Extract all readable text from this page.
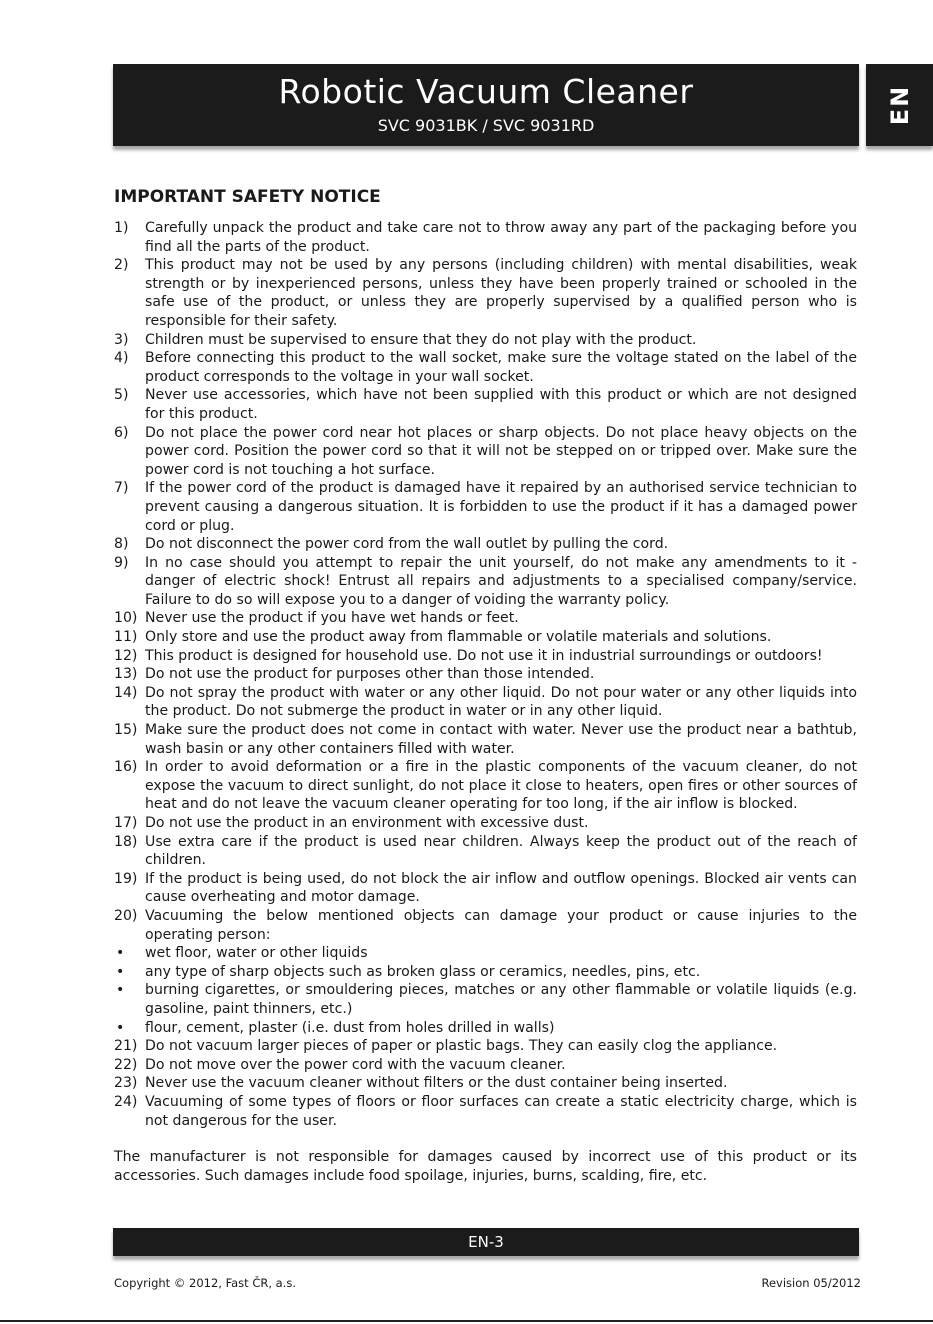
Robotic Vacuum Cleaner
SVC 9031BK / SVC 9031RD
EN
IMPORTANT SAFETY NOTICE
1) Carefully unpack the product and take care not to throw away any part of the packaging before you find all the parts of the product.
2) This product may not be used by any persons (including children) with mental disabilities, weak strength or by inexperienced persons, unless they have been properly trained or schooled in the safe use of the product, or unless they are properly supervised by a qualified person who is responsible for their safety.
3) Children must be supervised to ensure that they do not play with the product.
4) Before connecting this product to the wall socket, make sure the voltage stated on the label of the product corresponds to the voltage in your wall socket.
5) Never use accessories, which have not been supplied with this product or which are not designed for this product.
6) Do not place the power cord near hot places or sharp objects. Do not place heavy objects on the power cord. Position the power cord so that it will not be stepped on or tripped over. Make sure the power cord is not touching a hot surface.
7) If the power cord of the product is damaged have it repaired by an authorised service technician to prevent causing a dangerous situation. It is forbidden to use the product if it has a damaged power cord or plug.
8) Do not disconnect the power cord from the wall outlet by pulling the cord.
9) In no case should you attempt to repair the unit yourself, do not make any amendments to it - danger of electric shock! Entrust all repairs and adjustments to a specialised company/service. Failure to do so will expose you to a danger of voiding the warranty policy.
10) Never use the product if you have wet hands or feet.
11) Only store and use the product away from flammable or volatile materials and solutions.
12) This product is designed for household use. Do not use it in industrial surroundings or outdoors!
13) Do not use the product for purposes other than those intended.
14) Do not spray the product with water or any other liquid. Do not pour water or any other liquids into the product. Do not submerge the product in water or in any other liquid.
15) Make sure the product does not come in contact with water. Never use the product near a bathtub, wash basin or any other containers filled with water.
16) In order to avoid deformation or a fire in the plastic components of the vacuum cleaner, do not expose the vacuum to direct sunlight, do not place it close to heaters, open fires or other sources of heat and do not leave the vacuum cleaner operating for too long, if the air inflow is blocked.
17) Do not use the product in an environment with excessive dust.
18) Use extra care if the product is used near children. Always keep the product out of the reach of children.
19) If the product is being used, do not block the air inflow and outflow openings. Blocked air vents can cause overheating and motor damage.
20) Vacuuming the below mentioned objects can damage your product or cause injuries to the operating person:
• wet floor, water or other liquids
• any type of sharp objects such as broken glass or ceramics, needles, pins, etc.
• burning cigarettes, or smouldering pieces, matches or any other flammable or volatile liquids (e.g. gasoline, paint thinners, etc.)
• flour, cement, plaster (i.e. dust from holes drilled in walls)
21) Do not vacuum larger pieces of paper or plastic bags. They can easily clog the appliance.
22) Do not move over the power cord with the vacuum cleaner.
23) Never use the vacuum cleaner without filters or the dust container being inserted.
24) Vacuuming of some types of floors or floor surfaces can create a static electricity charge, which is not dangerous for the user.
The manufacturer is not responsible for damages caused by incorrect use of this product or its accessories. Such damages include food spoilage, injuries, burns, scalding, fire, etc.
EN-3
Copyright © 2012, Fast ČR, a.s.	Revision 05/2012
